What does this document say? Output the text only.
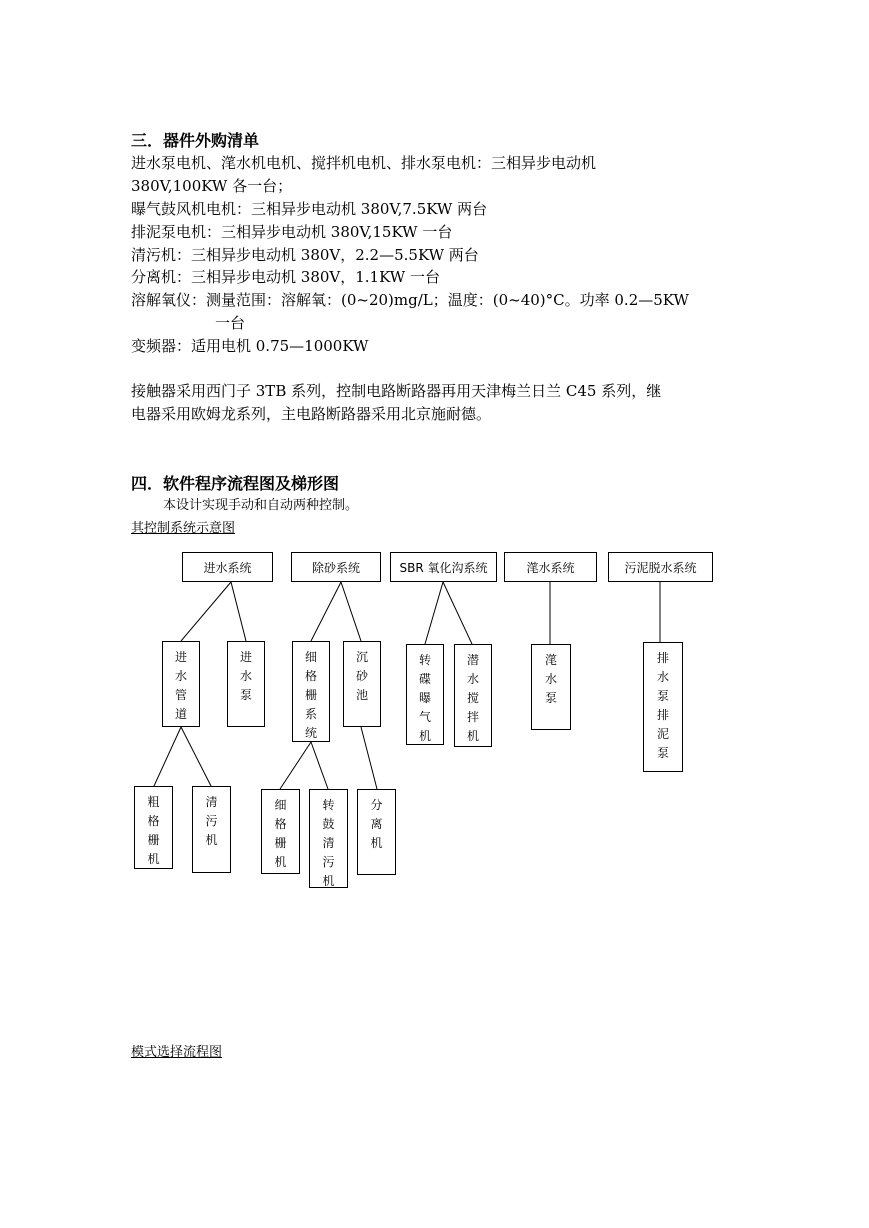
三．器件外购清单
进水泵电机、滗水机电机、搅拌机电机、排水泵电机：三相异步电动机
380V,100KW 各一台；
曝气鼓风机电机：三相异步电动机 380V,7.5KW 两台
排泥泵电机：三相异步电动机 380V,15KW 一台
清污机：三相异步电动机 380V，2.2—5.5KW 两台
分离机：三相异步电动机 380V，1.1KW 一台
溶解氧仪：测量范围：溶解氧：(0~20)mg/L；温度：(0~40)°C。功率 0.2—5KW
一台
变频器：适用电机 0.75—1000KW
接触器采用西门子 3TB 系列，控制电路断路器再用天津梅兰日兰 C45 系列，继
电器采用欧姆龙系列，主电路断路器采用北京施耐德。
四．软件程序流程图及梯形图
本设计实现手动和自动两种控制。
其控制系统示意图
进水系统	除砂系统	SBR 氧化沟系统	滗水系统	污泥脱水系统
进水管道
进水泵
细格栅系统
沉砂池
转碟曝气机
潜水搅拌机
滗水泵
排水泵排泥泵
粗格栅机
清污机
细格栅机
转鼓清污机
分离机
模式选择流程图
